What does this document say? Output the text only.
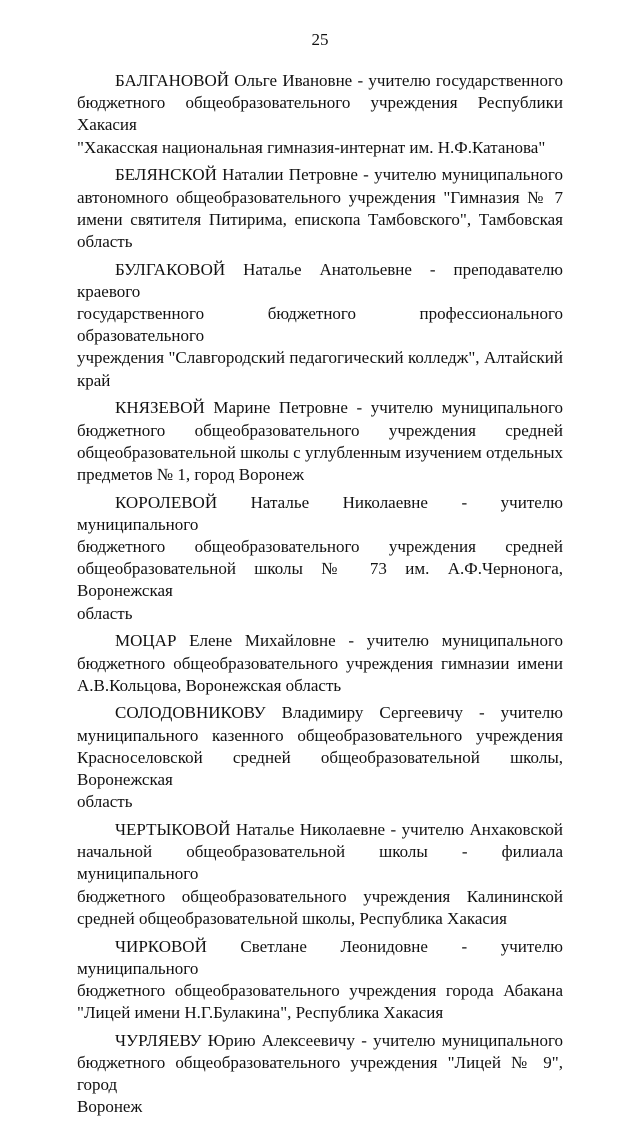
25

БАЛГАНОВОЙ Ольге Ивановне - учителю государственного

бюджетного общеобразовательного учреждения Республики Хакасия

"Хакасская национальная гимназия-интернат им. Н.Ф.Катанова"

БЕЛЯНСКОЙ Наталии Петровне - учителю муниципального

автономного общеобразовательного учреждения "Гимназия № 7

имени святителя Питирима, епископа Тамбовского", Тамбовская

область

БУЛГАКОВОЙ Наталье Анатольевне - преподавателю краевого

государственного бюджетного профессионального образовательного

учреждения "Славгородский педагогический колледж", Алтайский

край

КНЯЗЕВОЙ Марине Петровне - учителю муниципального

бюджетного общеобразовательного учреждения средней

общеобразовательной школы с углубленным изучением отдельных

предметов № 1, город Воронеж

КОРОЛЕВОЙ Наталье Николаевне - учителю муниципального

бюджетного общеобразовательного учреждения средней

общеобразовательной школы № 73 им. А.Ф.Чернонога, Воронежская

область

МОЦАР Елене Михайловне - учителю муниципального

бюджетного общеобразовательного учреждения гимназии имени

А.В.Кольцова, Воронежская область

СОЛОДОВНИКОВУ Владимиру Сергеевичу - учителю

муниципального казенного общеобразовательного учреждения

Красноселовской средней общеобразовательной школы, Воронежская

область

ЧЕРТЫКОВОЙ Наталье Николаевне - учителю Анхаковской

начальной общеобразовательной школы - филиала муниципального

бюджетного общеобразовательного учреждения Калининской

средней общеобразовательной школы, Республика Хакасия

ЧИРКОВОЙ Светлане Леонидовне - учителю муниципального

бюджетного общеобразовательного учреждения города Абакана

"Лицей имени Н.Г.Булакина", Республика Хакасия

ЧУРЛЯЕВУ Юрию Алексеевичу - учителю муниципального

бюджетного общеобразовательного учреждения "Лицей № 9", город

Воронеж
